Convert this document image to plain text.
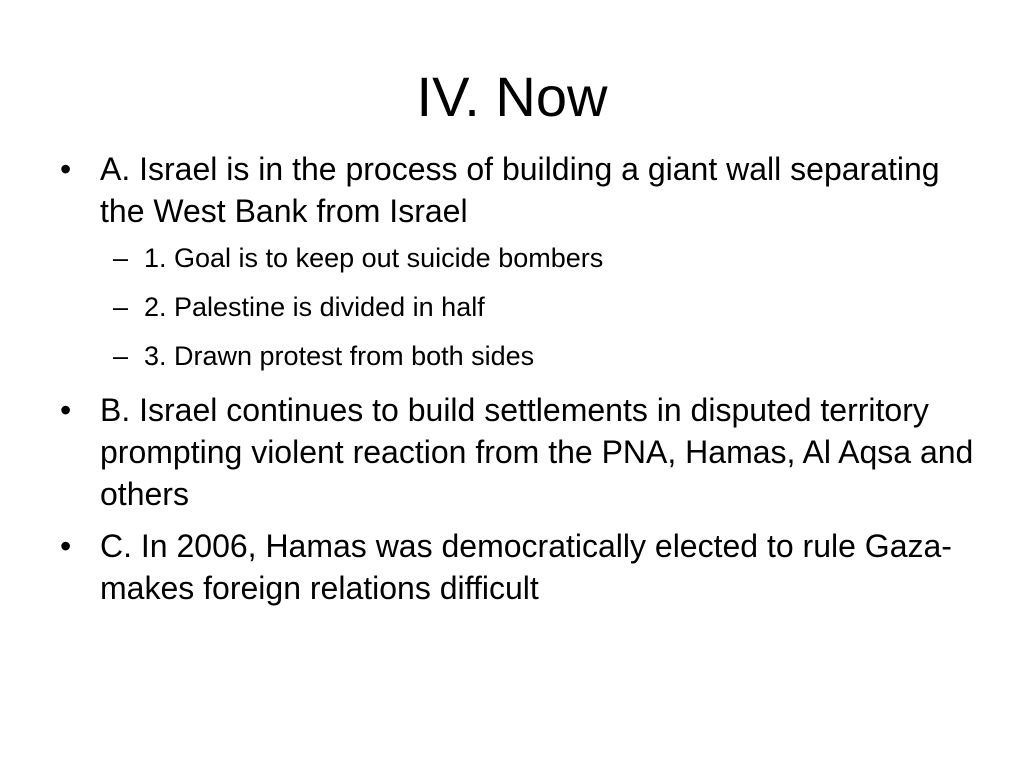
IV. Now
• A. Israel is in the process of building a giant wall separating the West Bank from Israel
– 1. Goal is to keep out suicide bombers
– 2. Palestine is divided in half
– 3. Drawn protest from both sides
• B. Israel continues to build settlements in disputed territory prompting violent reaction from the PNA, Hamas, Al Aqsa and others
• C. In 2006, Hamas was democratically elected to rule Gaza- makes foreign relations difficult
